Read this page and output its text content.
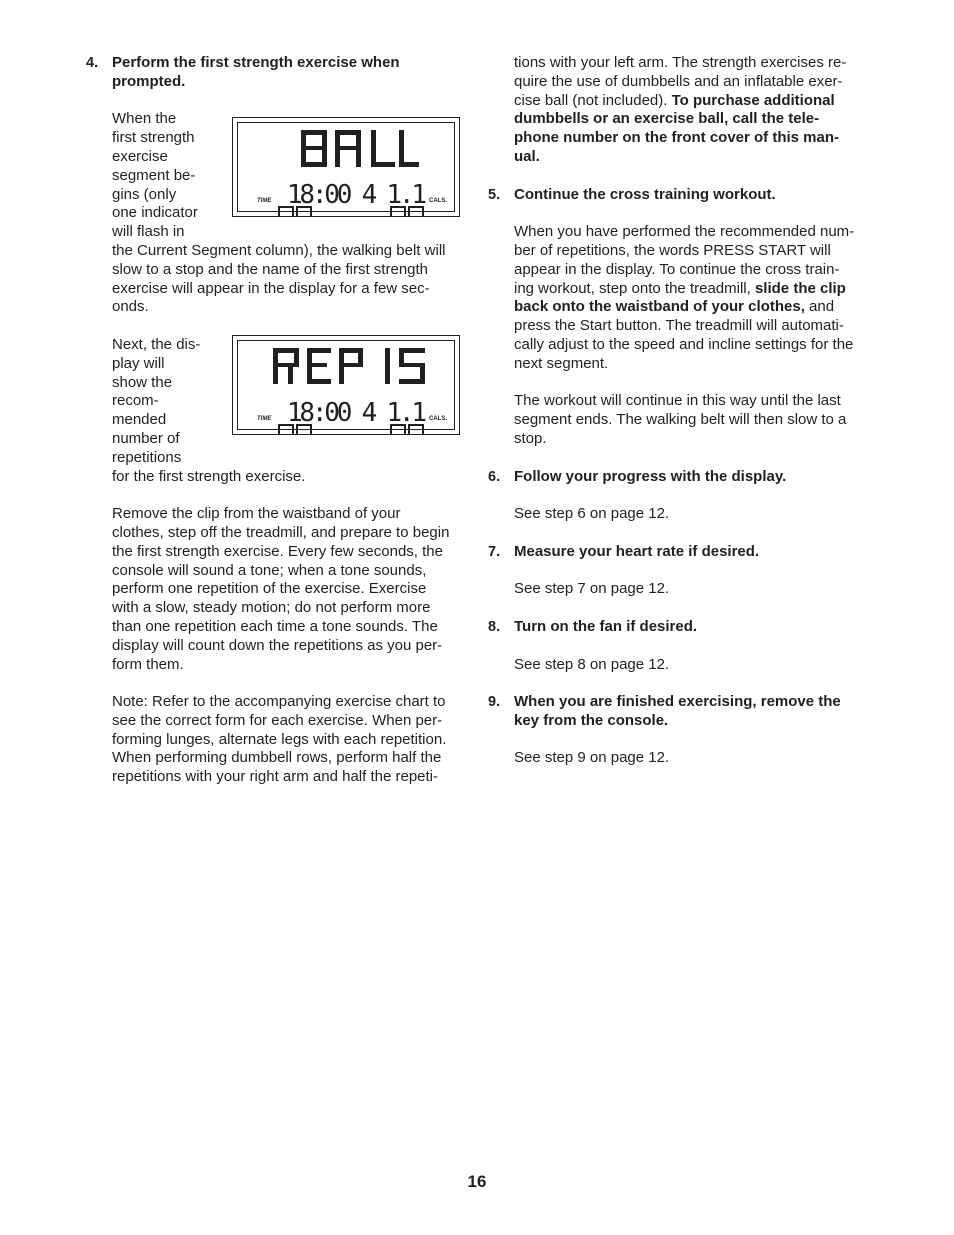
4. Perform the first strength exercise when
prompted.
TIME	CALS.
18:00 4 1.1
When the
first strength
exercise
segment be-
gins (only
one indicator
will flash in
the Current Segment column), the walking belt will
slow to a stop and the name of the first strength
exercise will appear in the display for a few sec-
onds.
TIME	CALS.
18:00 4 1.1
Next, the dis-
play will
show the
recom-
mended
number of
repetitions
for the first strength exercise.
Remove the clip from the waistband of your
clothes, step off the treadmill, and prepare to begin
the first strength exercise. Every few seconds, the
console will sound a tone; when a tone sounds,
perform one repetition of the exercise. Exercise
with a slow, steady motion; do not perform more
than one repetition each time a tone sounds. The
display will count down the repetitions as you per-
form them.
Note: Refer to the accompanying exercise chart to
see the correct form for each exercise. When per-
forming lunges, alternate legs with each repetition.
When performing dumbbell rows, perform half the
repetitions with your right arm and half the repeti-
tions with your left arm. The strength exercises re-
quire the use of dumbbells and an inflatable exer-
cise ball (not included). To purchase additional
dumbbells or an exercise ball, call the tele-
phone number on the front cover of this man-
ual.
5. Continue the cross training workout.
When you have performed the recommended num-
ber of repetitions, the words PRESS START will
appear in the display. To continue the cross train-
ing workout, step onto the treadmill, slide the clip
back onto the waistband of your clothes, and
press the Start button. The treadmill will automati-
cally adjust to the speed and incline settings for the
next segment.
The workout will continue in this way until the last
segment ends. The walking belt will then slow to a
stop.
6. Follow your progress with the display.
See step 6 on page 12.
7. Measure your heart rate if desired.
See step 7 on page 12.
8. Turn on the fan if desired.
See step 8 on page 12.
9. When you are finished exercising, remove the
key from the console.
See step 9 on page 12.
16
